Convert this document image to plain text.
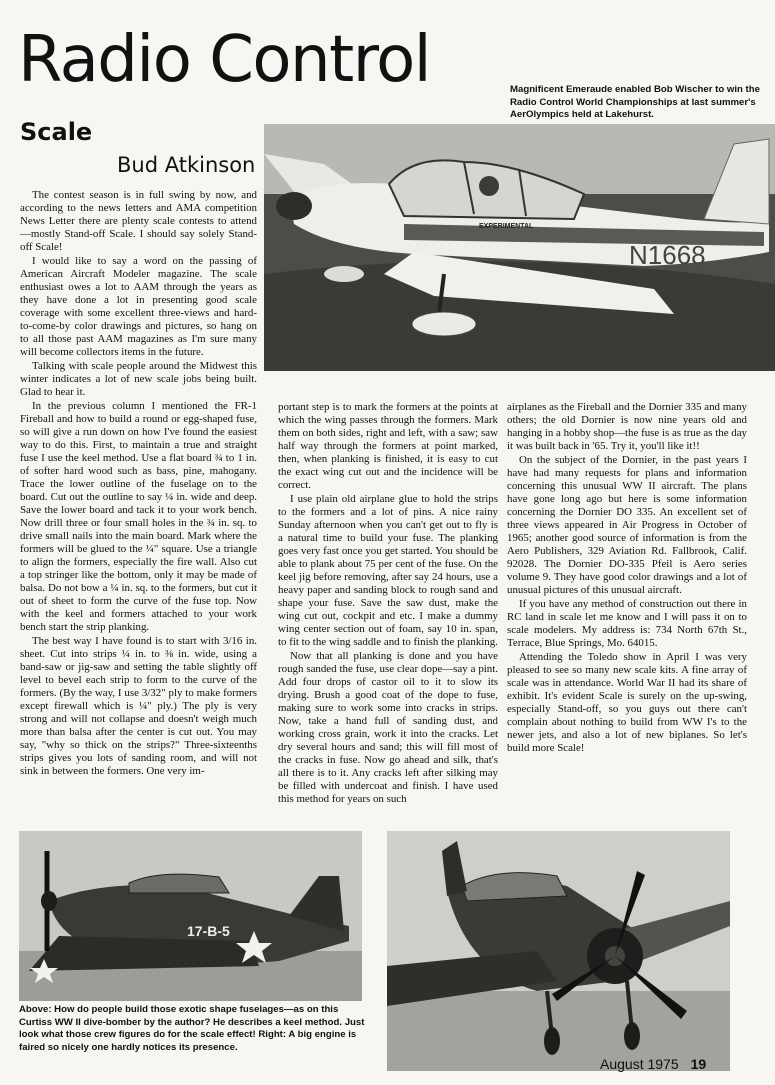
Radio Control
Scale
Bud Atkinson

Magnificent Emeraude enabled Bob Wischer to win the Radio Control World Championships at last summer's AerOlympics held at Lakehurst.

N1668
EXPERIMENTAL

The contest season is in full swing by now, and according to the news letters and AMA competition News Letter there are plenty scale contests to attend—mostly Stand-off Scale. I should say solely Stand-off Scale!

I would like to say a word on the passing of American Aircraft Modeler magazine. The scale enthusiast owes a lot to AAM through the years as they have done a lot in presenting good scale coverage with some excellent three-views and hard-to-come-by color drawings and pictures, so hang on to all those past AAM magazines as I'm sure many will become collectors items in the future.

Talking with scale people around the Midwest this winter indicates a lot of new scale jobs being built. Glad to hear it.

In the previous column I mentioned the FR-1 Fireball and how to build a round or egg-shaped fuse, so will give a run down on how I've found the easiest way to do this. First, to maintain a true and straight fuse I use the keel method. Use a flat board ¾ to 1 in. of softer hard wood such as bass, pine, mahogany. Trace the lower outline of the fuselage on to the board. Cut out the outline to say ¼ in. wide and deep. Save the lower board and tack it to your work bench. Now drill three or four small holes in the ¾ in. sq. to drive small nails into the main board. Mark where the formers will be glued to the ¼" square. Use a triangle to align the formers, especially the fire wall. Also cut a top stringer like the bottom, only it may be made of balsa. Do not bow a ¼ in. sq. to the formers, but cut it out of sheet to form the curve of the fuse top. Now with the keel and formers attached to your work bench start the strip planking.

The best way I have found is to start with 3/16 in. sheet. Cut into strips ¼ in. to ⅜ in. wide, using a band-saw or jig-saw and setting the table slightly off level to bevel each strip to form to the curve of the formers. (By the way, I use 3/32" ply to make formers except firewall which is ¼" ply.) The ply is very strong and will not collapse and doesn't weigh much more than balsa after the center is cut out. You may say, "why so thick on the strips?" Three-sixteenths strips gives you lots of sanding room, and will not sink in between the formers. One very im-

portant step is to mark the formers at the points at which the wing passes through the formers. Mark them on both sides, right and left, with a saw; saw half way through the formers at point marked, then, when planking is finished, it is easy to cut the exact wing cut out and the incidence will be correct.

I use plain old airplane glue to hold the strips to the formers and a lot of pins. A nice rainy Sunday afternoon when you can't get out to fly is a natural time to build your fuse. The planking goes very fast once you get started. You should be able to plank about 75 per cent of the fuse. On the keel jig before removing, after say 24 hours, use a heavy paper and sanding block to rough sand and shape your fuse. Save the saw dust, make the wing cut out, cockpit and etc. I make a dummy wing center section out of foam, say 10 in. span, to fit to the wing saddle and to finish the planking.

Now that all planking is done and you have rough sanded the fuse, use clear dope—say a pint. Add four drops of castor oil to it to slow its drying. Brush a good coat of the dope to fuse, making sure to work some into cracks in strips. Now, take a hand full of sanding dust, and working cross grain, work it into the cracks. Let dry several hours and sand; this will fill most of the cracks in fuse. Now go ahead and silk, that's all there is to it. Any cracks left after silking may be filled with undercoat and finish. I have used this method for years on such

airplanes as the Fireball and the Dornier 335 and many others; the old Dornier is now nine years old and hanging in a hobby shop—the fuse is as true as the day it was built back in '65. Try it, you'll like it!!

On the subject of the Dornier, in the past years I have had many requests for plans and information concerning this unusual WW II aircraft. The plans have gone long ago but here is some information concerning the Dornier DO 335. An excellent set of three views appeared in Air Progress in October of 1965; another good source of information is from the Aero Publishers, 329 Aviation Rd. Fallbrook, Calif. 92028. The Dornier DO-335 Pfeil is Aero series volume 9. They have good color drawings and a lot of unusual pictures of this unusual aircraft.

If you have any method of construction out there in RC land in scale let me know and I will pass it on to scale modelers. My address is: 734 North 67th St., Terrace, Blue Springs, Mo. 64015.

Attending the Toledo show in April I was very pleased to see so many new scale kits. A fine array of scale was in attendance. World War II had its share of exhibit. It's evident Scale is surely on the up-swing, especially Stand-off, so you guys out there can't complain about nothing to build from WW I's to the newer jets, and also a lot of new biplanes. So let's build more Scale!

17-B-5

Above: How do people build those exotic shape fuselages—as on this Curtiss WW II dive-bomber by the author? He describes a keel method. Just look what those crew figures do for the scale effect! Right: A big engine is faired so nicely one hardly notices its presence.

August 1975 19
